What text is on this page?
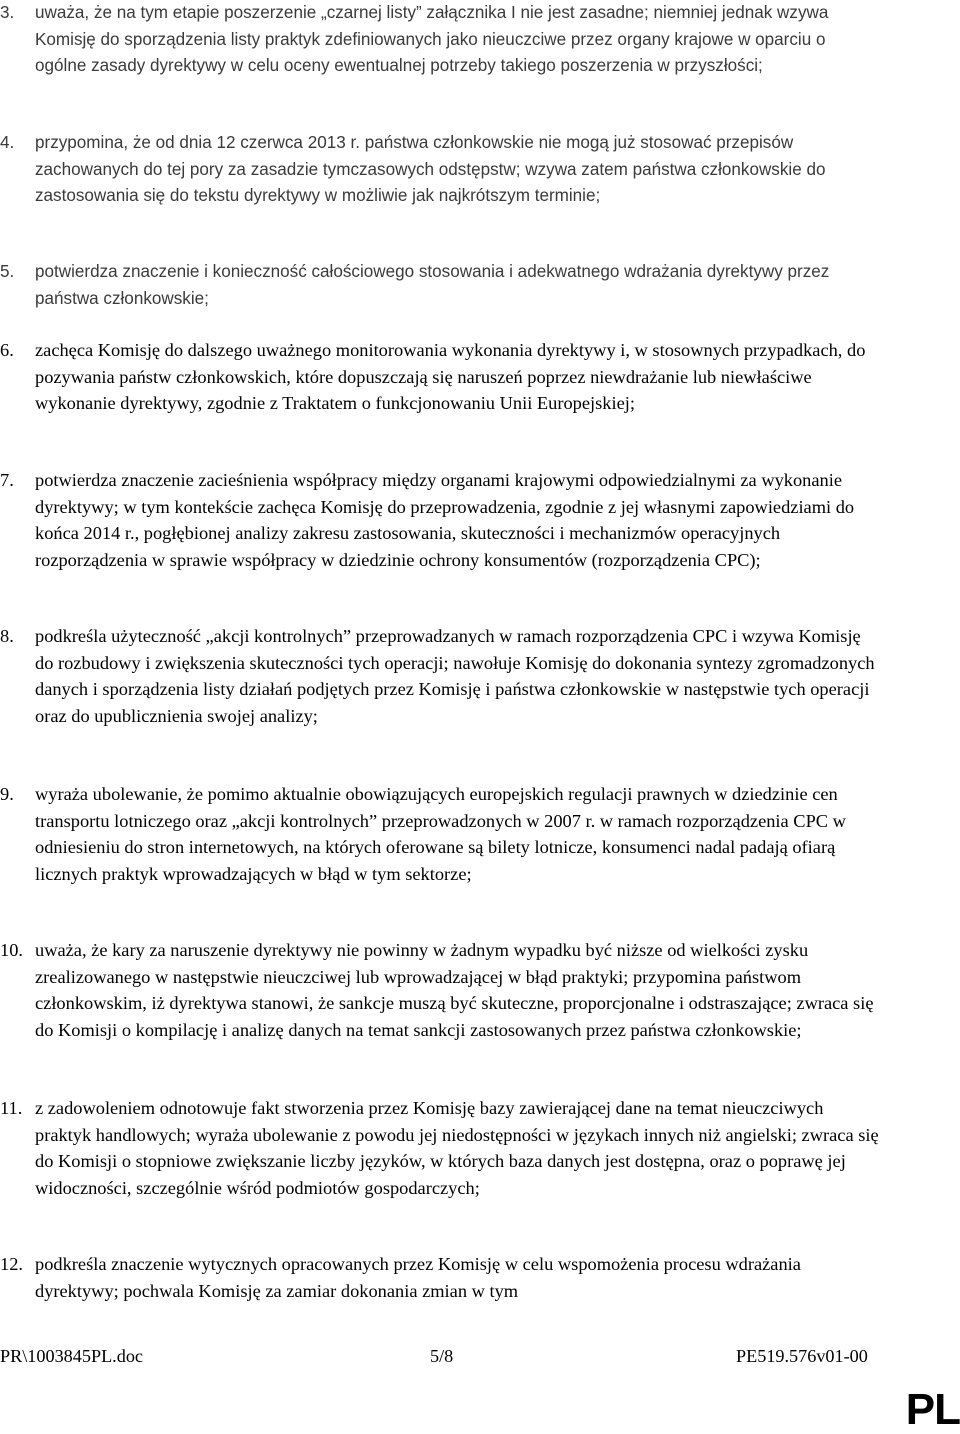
3.	uważa, że na tym etapie poszerzenie „czarnej listy” załącznika I nie jest zasadne; niemniej jednak wzywa Komisję do sporządzenia listy praktyk zdefiniowanych jako nieuczciwe przez organy krajowe w oparciu o ogólne zasady dyrektywy w celu oceny ewentualnej potrzeby takiego poszerzenia w przyszłości;
4.	przypomina, że od dnia 12 czerwca 2013 r. państwa członkowskie nie mogą już stosować przepisów zachowanych do tej pory za zasadzie tymczasowych odstępstw; wzywa zatem państwa członkowskie do zastosowania się do tekstu dyrektywy w możliwie jak najkrótszym terminie;
5.	potwierdza znaczenie i konieczność całościowego stosowania i adekwatnego wdrażania dyrektywy przez państwa członkowskie;
6.	zachęca Komisję do dalszego uważnego monitorowania wykonania dyrektywy i, w stosownych przypadkach, do pozywania państw członkowskich, które dopuszczają się naruszeń poprzez niewdrażanie lub niewłaściwe wykonanie dyrektywy, zgodnie z Traktatem o funkcjonowaniu Unii Europejskiej;
7.	potwierdza znaczenie zacieśnienia współpracy między organami krajowymi odpowiedzialnymi za wykonanie dyrektywy; w tym kontekście zachęca Komisję do przeprowadzenia, zgodnie z jej własnymi zapowiedziami do końca 2014 r., pogłębionej analizy zakresu zastosowania, skuteczności i mechanizmów operacyjnych rozporządzenia w sprawie współpracy w dziedzinie ochrony konsumentów (rozporządzenia CPC);
8.	podkreśla użyteczność „akcji kontrolnych” przeprowadzanych w ramach rozporządzenia CPC i wzywa Komisję do rozbudowy i zwiększenia skuteczności tych operacji; nawołuje Komisję do dokonania syntezy zgromadzonych danych i sporządzenia listy działań podjętych przez Komisję i państwa członkowskie w następstwie tych operacji oraz do upublicznienia swojej analizy;
9.	wyraża ubolewanie, że pomimo aktualnie obowiązujących europejskich regulacji prawnych w dziedzinie cen transportu lotniczego oraz „akcji kontrolnych” przeprowadzonych w 2007 r. w ramach rozporządzenia CPC w odniesieniu do stron internetowych, na których oferowane są bilety lotnicze, konsumenci nadal padają ofiarą licznych praktyk wprowadzających w błąd w tym sektorze;
10. uważa, że kary za naruszenie dyrektywy nie powinny w żadnym wypadku być niższe od wielkości zysku zrealizowanego w następstwie nieuczciwej lub wprowadzającej w błąd praktyki; przypomina państwom członkowskim, iż dyrektywa stanowi, że sankcje muszą być skuteczne, proporcjonalne i odstraszające; zwraca się do Komisji o kompilację i analizę danych na temat sankcji zastosowanych przez państwa członkowskie;
11. z zadowoleniem odnotowuje fakt stworzenia przez Komisję bazy zawierającej dane na temat nieuczciwych praktyk handlowych; wyraża ubolewanie z powodu jej niedostępności w językach innych niż angielski; zwraca się do Komisji o stopniowe zwiększanie liczby języków, w których baza danych jest dostępna, oraz o poprawę jej widoczności, szczególnie wśród podmiotów gospodarczych;
12. podkreśla znaczenie wytycznych opracowanych przez Komisję w celu wspomożenia procesu wdrażania dyrektywy; pochwala Komisję za zamiar dokonania zmian w tym
PR\1003845PL.doc	5/8	PE519.576v01-00
PL
